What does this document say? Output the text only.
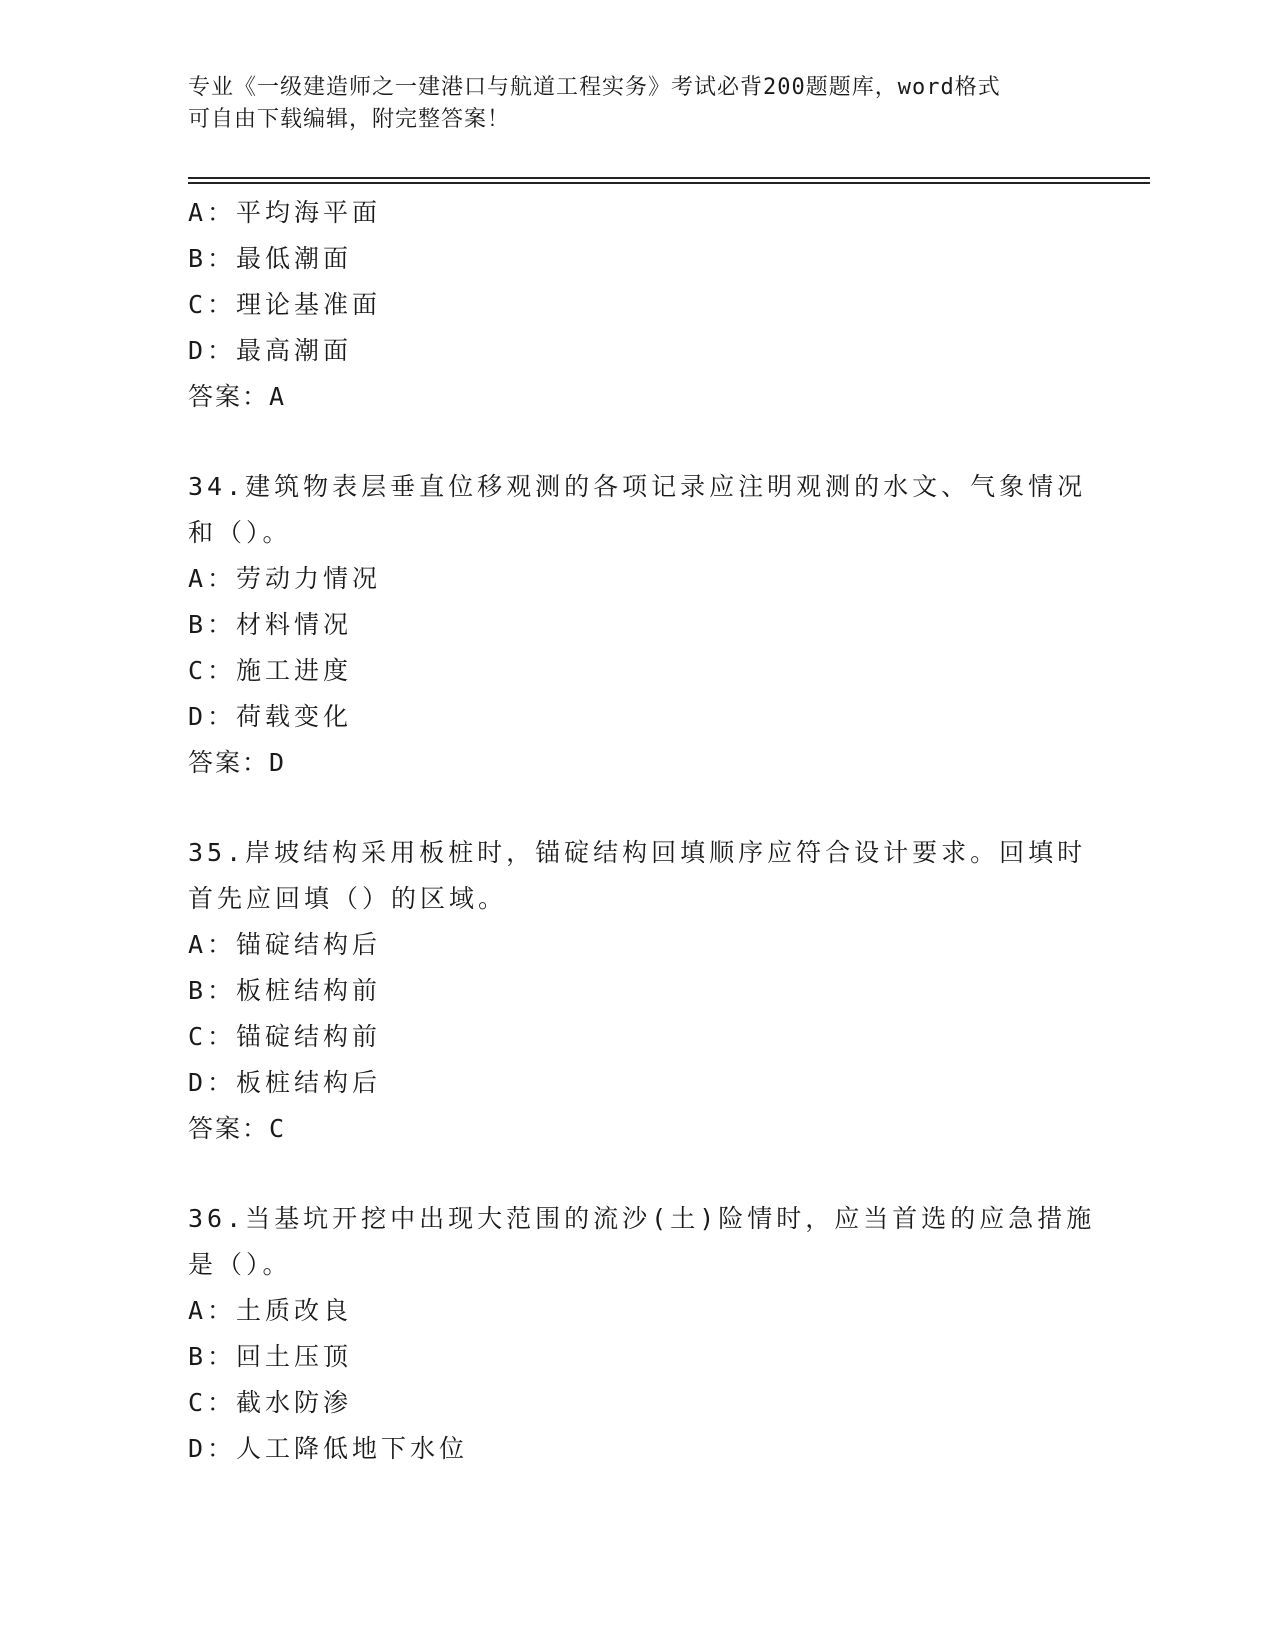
专业《一级建造师之一建港口与航道工程实务》考试必背200题题库，word格式
可自由下载编辑，附完整答案！
A：平均海平面
B：最低潮面
C：理论基准面
D：最高潮面
答案：A
34.建筑物表层垂直位移观测的各项记录应注明观测的水文、气象情况
和（）。
A：劳动力情况
B：材料情况
C：施工进度
D：荷载变化
答案：D
35.岸坡结构采用板桩时，锚碇结构回填顺序应符合设计要求。回填时
首先应回填（）的区域。
A：锚碇结构后
B：板桩结构前
C：锚碇结构前
D：板桩结构后
答案：C
36.当基坑开挖中出现大范围的流沙(土)险情时，应当首选的应急措施
是（）。
A：土质改良
B：回土压顶
C：截水防渗
D：人工降低地下水位
